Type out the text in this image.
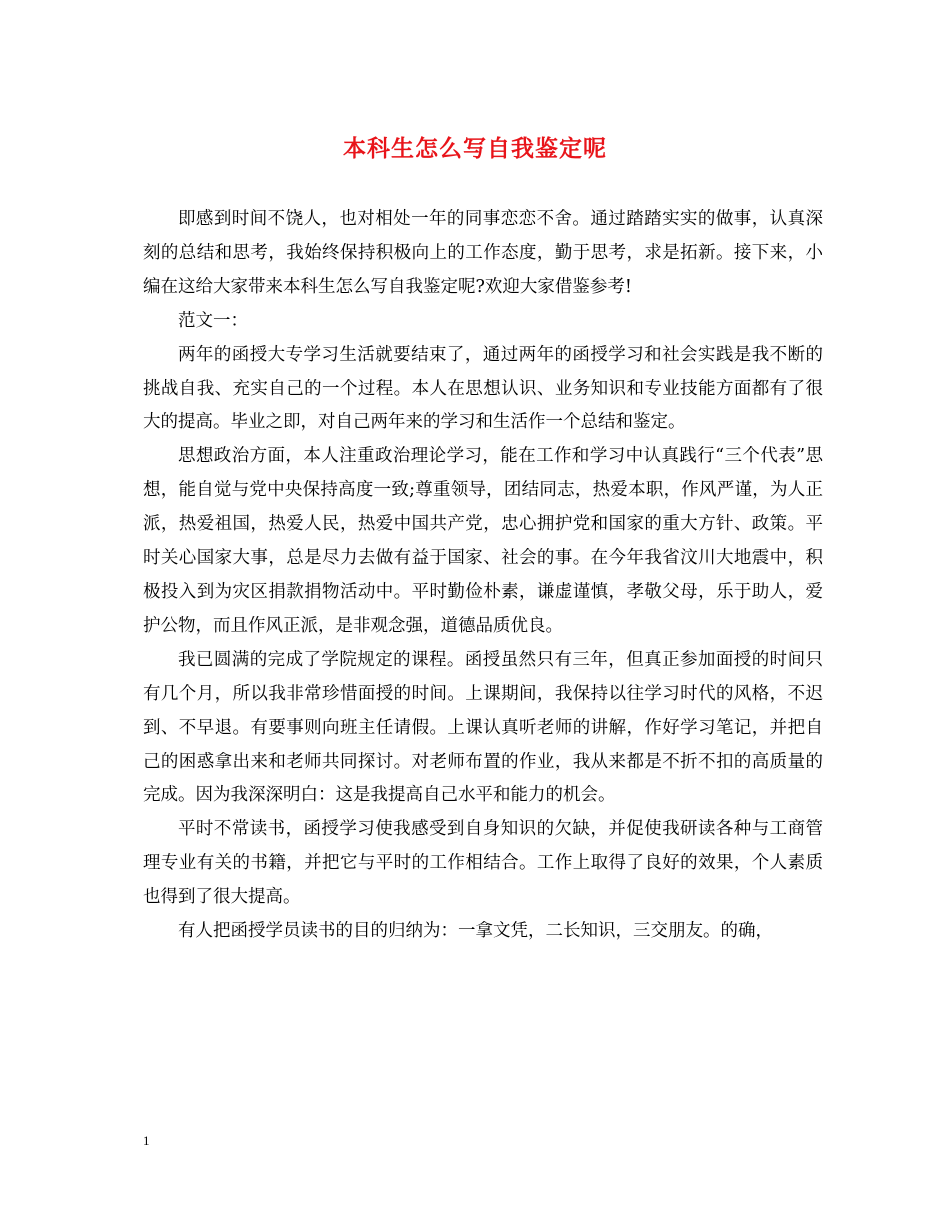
本科生怎么写自我鉴定呢

即感到时间不饶人，也对相处一年的同事恋恋不舍。通过踏踏实实的做事，认真深刻的总结和思考，我始终保持积极向上的工作态度，勤于思考，求是拓新。接下来，小编在这给大家带来本科生怎么写自我鉴定呢?欢迎大家借鉴参考!

范文一：

两年的函授大专学习生活就要结束了，通过两年的函授学习和社会实践是我不断的挑战自我、充实自己的一个过程。本人在思想认识、业务知识和专业技能方面都有了很大的提高。毕业之即，对自己两年来的学习和生活作一个总结和鉴定。

思想政治方面，本人注重政治理论学习，能在工作和学习中认真践行“三个代表”思想，能自觉与党中央保持高度一致;尊重领导，团结同志，热爱本职，作风严谨，为人正派，热爱祖国，热爱人民，热爱中国共产党，忠心拥护党和国家的重大方针、政策。平时关心国家大事，总是尽力去做有益于国家、社会的事。在今年我省汶川大地震中，积极投入到为灾区捐款捐物活动中。平时勤俭朴素，谦虚谨慎，孝敬父母，乐于助人，爱护公物，而且作风正派，是非观念强，道德品质优良。

我已圆满的完成了学院规定的课程。函授虽然只有三年，但真正参加面授的时间只有几个月，所以我非常珍惜面授的时间。上课期间，我保持以往学习时代的风格，不迟到、不早退。有要事则向班主任请假。上课认真听老师的讲解，作好学习笔记，并把自己的困惑拿出来和老师共同探讨。对老师布置的作业，我从来都是不折不扣的高质量的完成。因为我深深明白：这是我提高自己水平和能力的机会。

平时不常读书，函授学习使我感受到自身知识的欠缺，并促使我研读各种与工商管理专业有关的书籍，并把它与平时的工作相结合。工作上取得了良好的效果，个人素质也得到了很大提高。

有人把函授学员读书的目的归纳为：一拿文凭，二长知识，三交朋友。的确，

1
